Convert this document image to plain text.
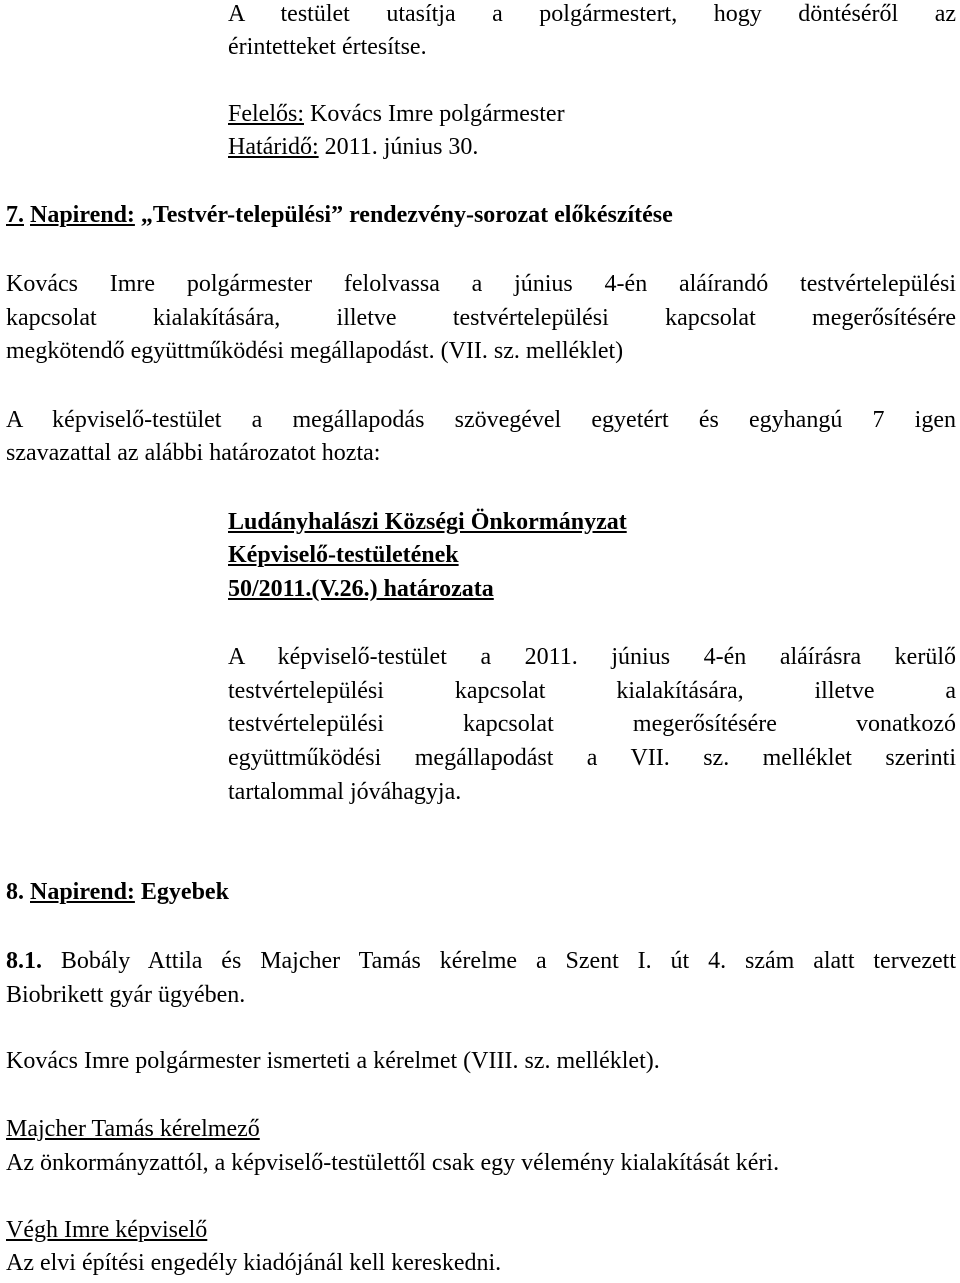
A testület utasítja a polgármestert, hogy döntéséről az

érintetteket értesítse.

Felelős: Kovács Imre polgármester

Határidő: 2011. június 30.

7. Napirend: „Testvér-települési” rendezvény-sorozat előkészítése

Kovács Imre polgármester felolvassa a június 4-én aláírandó testvértelepülési

kapcsolat kialakítására, illetve testvértelepülési kapcsolat megerősítésére

megkötendő együttműködési megállapodást. (VII. sz. melléklet)

A képviselő-testület a megállapodás szövegével egyetért és egyhangú 7 igen

szavazattal az alábbi határozatot hozta:

Ludányhalászi Községi Önkormányzat

Képviselő-testületének

50/2011.(V.26.) határozata

A képviselő-testület a 2011. június 4-én aláírásra kerülő

testvértelepülési kapcsolat kialakítására, illetve a

testvértelepülési kapcsolat megerősítésére vonatkozó

együttműködési megállapodást a VII. sz. melléklet szerinti

tartalommal jóváhagyja.

8. Napirend: Egyebek

8.1. Bobály Attila és Majcher Tamás kérelme a Szent I. út 4. szám alatt tervezett

Biobrikett gyár ügyében.

Kovács Imre polgármester ismerteti a kérelmet (VIII. sz. melléklet).

Majcher Tamás kérelmező

Az önkormányzattól, a képviselő-testülettől csak egy vélemény kialakítását kéri.

Végh Imre képviselő

Az elvi építési engedély kiadójánál kell kereskedni.
